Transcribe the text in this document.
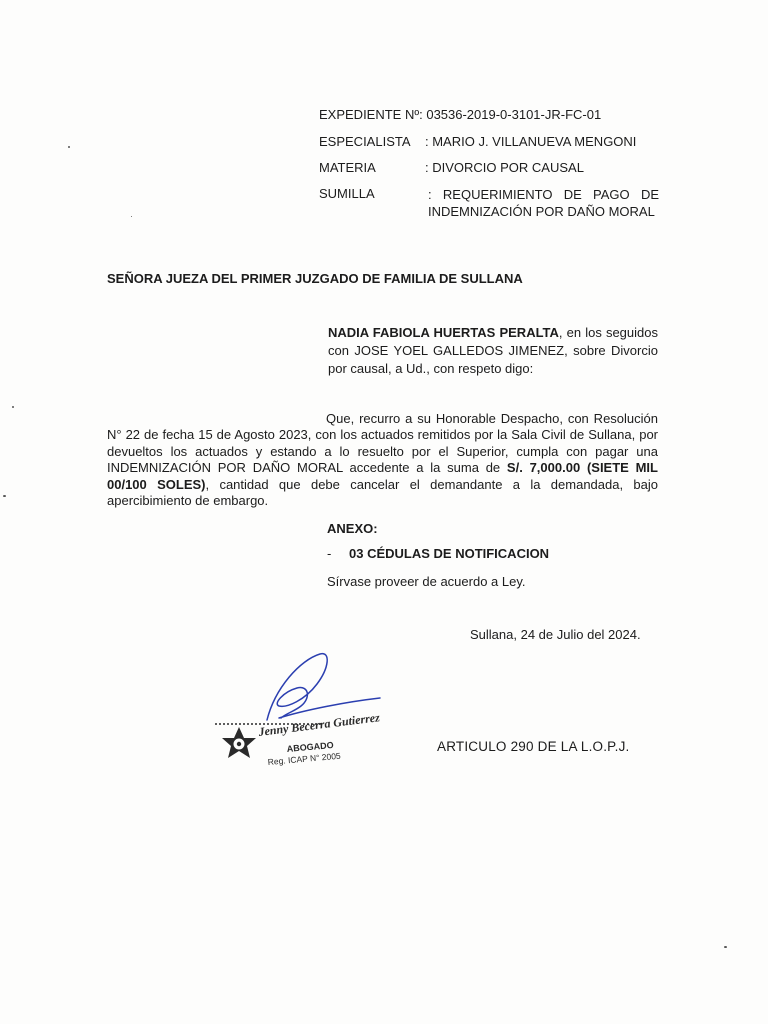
EXPEDIENTE Nº: 03536-2019-0-3101-JR-FC-01
ESPECIALISTA : MARIO J. VILLANUEVA MENGONI
MATERIA	: DIVORCIO POR CAUSAL
SUMILLA	: REQUERIMIENTO DE PAGO DE INDEMNIZACIÓN POR DAÑO MORAL
SEÑORA JUEZA DEL PRIMER JUZGADO DE FAMILIA DE SULLANA
NADIA FABIOLA HUERTAS PERALTA, en los seguidos con JOSE YOEL GALLEDOS JIMENEZ, sobre Divorcio por causal, a Ud., con respeto digo:
Que, recurro a su Honorable Despacho, con Resolución N° 22 de fecha 15 de Agosto 2023, con los actuados remitidos por la Sala Civil de Sullana, por devueltos los actuados y estando a lo resuelto por el Superior, cumpla con pagar una INDEMNIZACIÓN POR DAÑO MORAL accedente a la suma de S/. 7,000.00 (SIETE MIL 00/100 SOLES), cantidad que debe cancelar el demandante a la demandada, bajo apercibimiento de embargo.
ANEXO:
- 03 CÉDULAS DE NOTIFICACION
Sírvase proveer de acuerdo a Ley.
Sullana, 24 de Julio del 2024.
Jenny Becerra Gutierrez
ABOGADO
Reg. ICAP N° 2005
ARTICULO 290 DE LA L.O.P.J.
